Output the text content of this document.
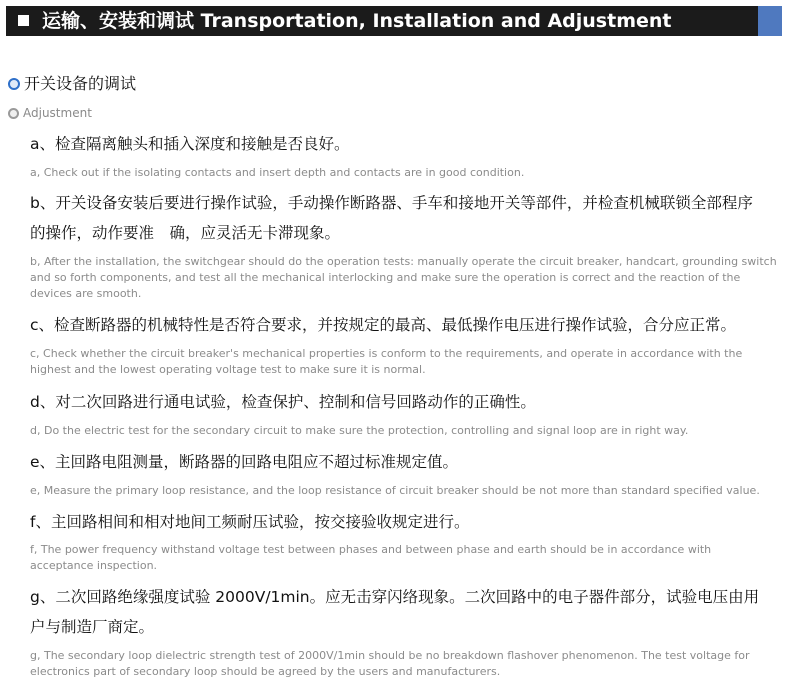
运输、安装和调试 Transportation, Installation and Adjustment
开关设备的调试
Adjustment
a、检查隔离触头和插入深度和接触是否良好。
a, Check out if the isolating contacts and insert depth and contacts are in good condition.
b、开关设备安装后要进行操作试验，手动操作断路器、手车和接地开关等部件，并检查机械联锁全部程序
的操作，动作要准　确，应灵活无卡滞现象。
b, After the installation, the switchgear should do the operation tests: manually operate the circuit breaker, handcart, grounding switch and so forth components, and test all the mechanical interlocking and make sure the operation is correct and the reaction of the devices are smooth.
c、检查断路器的机械特性是否符合要求，并按规定的最高、最低操作电压进行操作试验，合分应正常。
c, Check whether the circuit breaker's mechanical properties is conform to the requirements, and operate in accordance with the highest and the lowest operating voltage test to make sure it is normal.
d、对二次回路进行通电试验，检查保护、控制和信号回路动作的正确性。
d, Do the electric test for the secondary circuit to make sure the protection, controlling and signal loop are in right way.
e、主回路电阻测量，断路器的回路电阻应不超过标准规定值。
e, Measure the primary loop resistance, and the loop resistance of circuit breaker should be not more than standard specified value.
f、主回路相间和相对地间工频耐压试验，按交接验收规定进行。
f, The power frequency withstand voltage test between phases and between phase and earth should be in accordance with acceptance inspection.
g、二次回路绝缘强度试验 2000V/1min。应无击穿闪络现象。二次回路中的电子器件部分，试验电压由用
户与制造厂商定。
g, The secondary loop dielectric strength test of 2000V/1min should be no breakdown flashover phenomenon. The test voltage for electronics part of secondary loop should be agreed by the users and manufacturers.
